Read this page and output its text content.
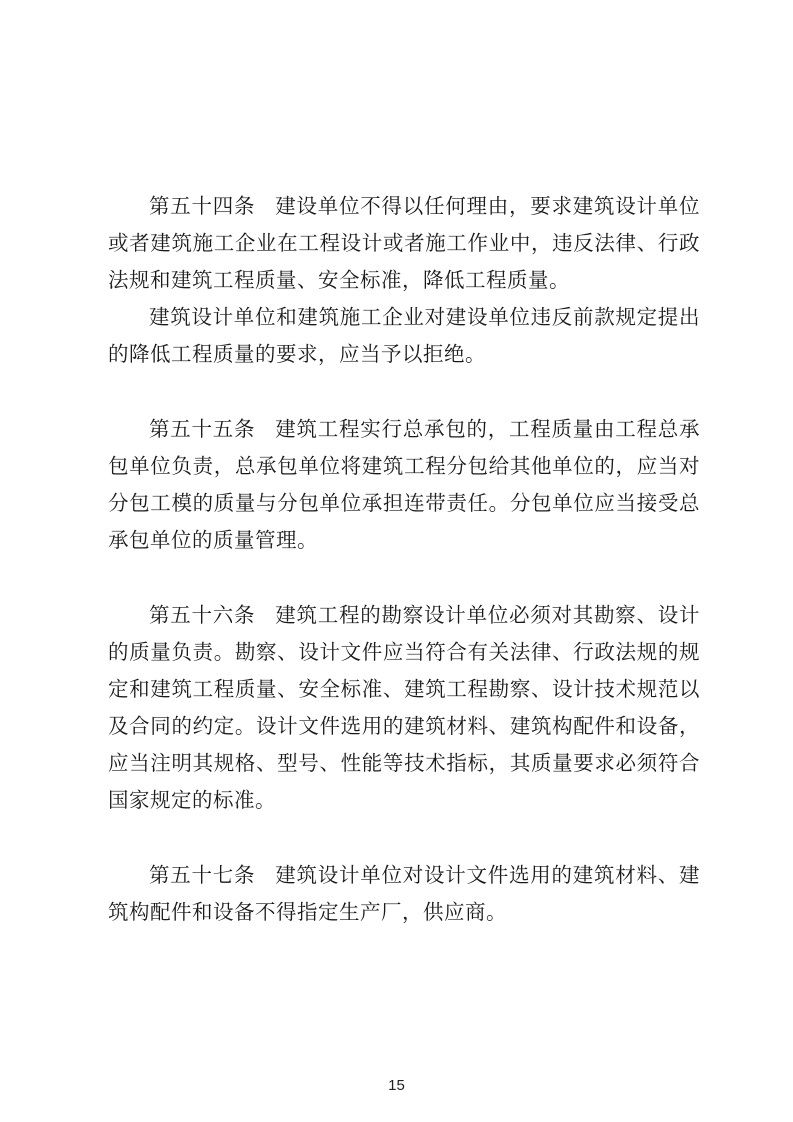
第五十四条 建设单位不得以任何理由，要求建筑设计单位或者建筑施工企业在工程设计或者施工作业中，违反法律、行政法规和建筑工程质量、安全标准，降低工程质量。

建筑设计单位和建筑施工企业对建设单位违反前款规定提出的降低工程质量的要求，应当予以拒绝。

第五十五条 建筑工程实行总承包的，工程质量由工程总承包单位负责，总承包单位将建筑工程分包给其他单位的，应当对分包工模的质量与分包单位承担连带责任。分包单位应当接受总承包单位的质量管理。

第五十六条 建筑工程的勘察设计单位必须对其勘察、设计的质量负责。勘察、设计文件应当符合有关法律、行政法规的规定和建筑工程质量、安全标准、建筑工程勘察、设计技术规范以及合同的约定。设计文件选用的建筑材料、建筑构配件和设备，应当注明其规格、型号、性能等技术指标，其质量要求必须符合国家规定的标准。

第五十七条 建筑设计单位对设计文件选用的建筑材料、建筑构配件和设备不得指定生产厂，供应商。

15
